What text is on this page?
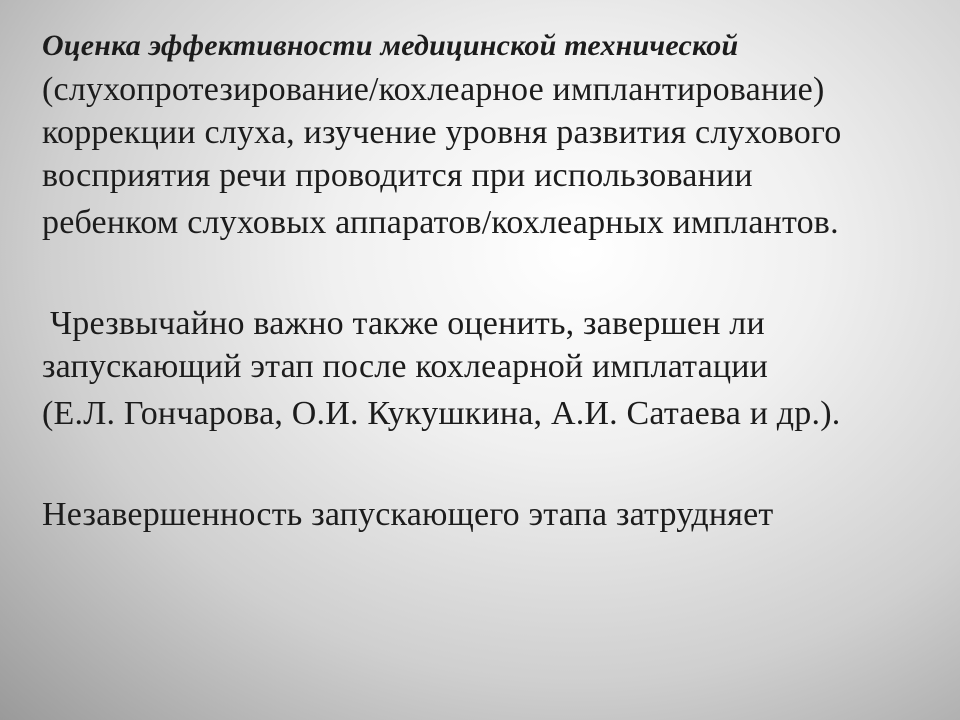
Оценка эффективности медицинской технической

(слухопротезирование/кохлеарное имплантирование) коррекции слуха, изучение уровня развития слухового восприятия речи проводится при использовании

ребенком слуховых аппаратов/кохлеарных имплантов.

Чрезвычайно важно также оценить, завершен ли запускающий этап после кохлеарной имплатации

(Е.Л. Гончарова, О.И. Кукушкина, А.И. Сатаева и др.).

Незавершенность запускающего этапа затрудняет
